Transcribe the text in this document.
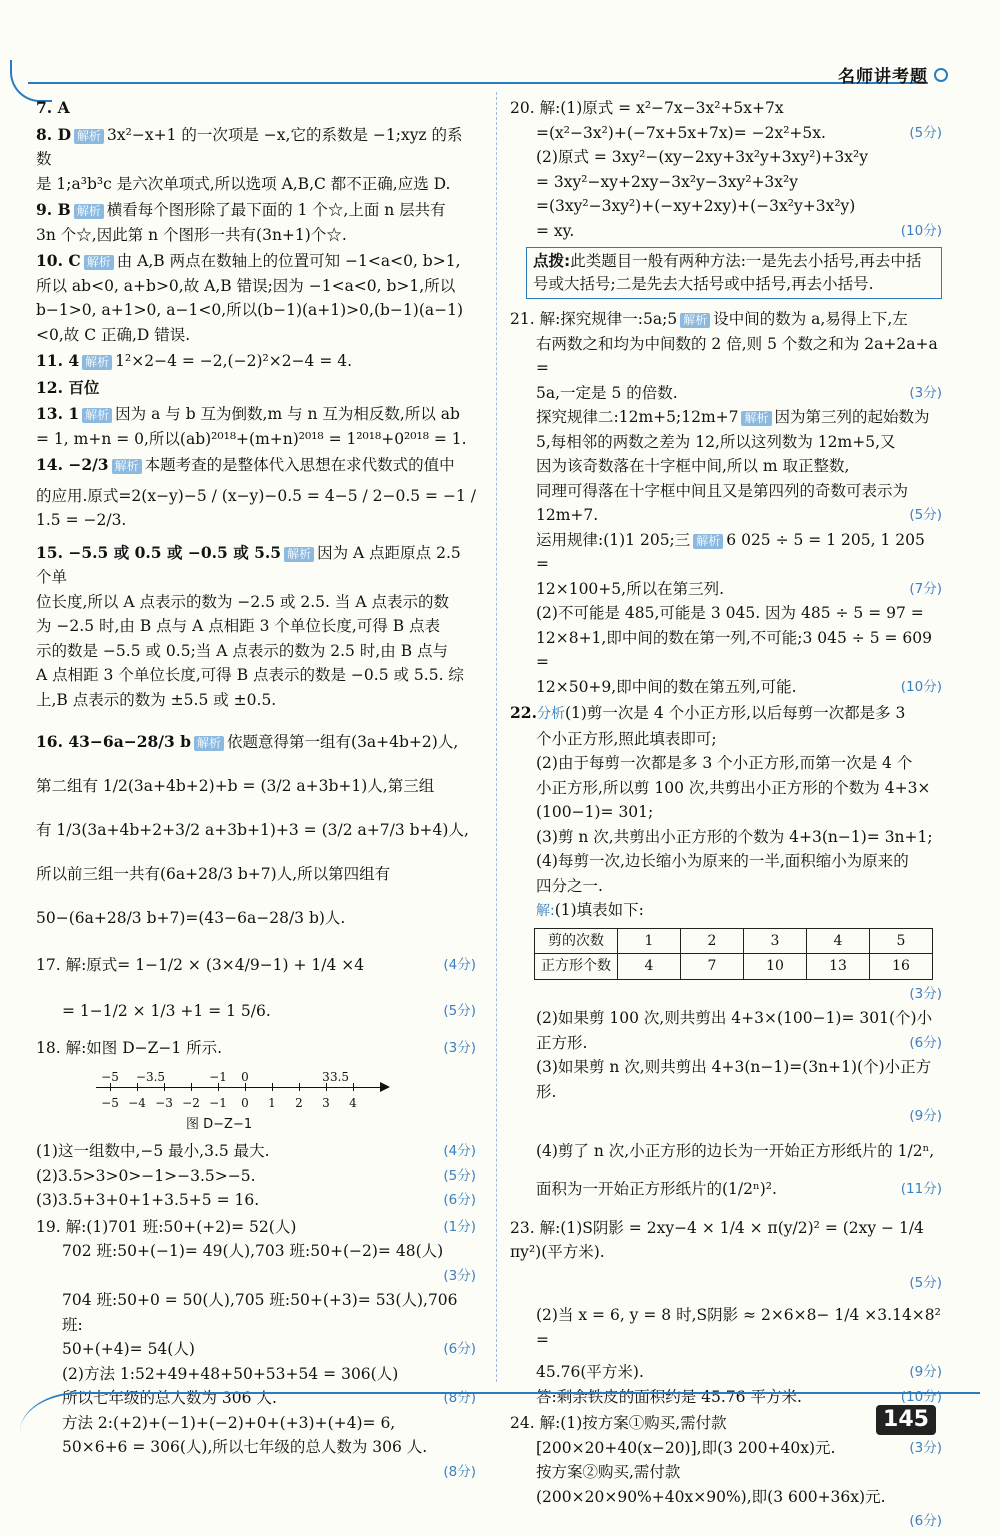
名师讲考题
7. A
8. D 解析 3x²−x+1 的一次项是 −x,它的系数是 −1;xyz 的系数
是 1;a³b³c 是六次单项式,所以选项 A,B,C 都不正确,应选 D.
9. B 解析 横看每个图形除了最下面的 1 个☆,上面 n 层共有
3n 个☆,因此第 n 个图形一共有(3n+1)个☆.
10. C 解析 由 A,B 两点在数轴上的位置可知 −1<a<0, b>1,
所以 ab<0, a+b>0,故 A,B 错误;因为 −1<a<0, b>1,所以
b−1>0, a+1>0, a−1<0,所以(b−1)(a+1)>0,(b−1)(a−1)
<0,故 C 正确,D 错误.
11. 4 解析 1²×2−4 = −2,(−2)²×2−4 = 4.
12. 百位
13. 1 解析 因为 a 与 b 互为倒数,m 与 n 互为相反数,所以 ab
= 1, m+n = 0,所以(ab)²⁰¹⁸+(m+n)²⁰¹⁸ = 1²⁰¹⁸+0²⁰¹⁸ = 1.
14. −2/3 解析 本题考查的是整体代入思想在求代数式的值中
的应用.原式=2(x−y)−5 / (x−y)−0.5 = 4−5 / 2−0.5 = −1 / 1.5 = −2/3.
15. −5.5 或 0.5 或 −0.5 或 5.5 解析 因为 A 点距原点 2.5 个单
位长度,所以 A 点表示的数为 −2.5 或 2.5. 当 A 点表示的数
为 −2.5 时,由 B 点与 A 点相距 3 个单位长度,可得 B 点表
示的数是 −5.5 或 0.5;当 A 点表示的数为 2.5 时,由 B 点与
A 点相距 3 个单位长度,可得 B 点表示的数是 −0.5 或 5.5. 综
上,B 点表示的数为 ±5.5 或 ±0.5.
16. 43−6a−28/3 b 解析 依题意得第一组有(3a+4b+2)人,
第二组有 1/2(3a+4b+2)+b = (3/2 a+3b+1)人,第三组
有 1/3(3a+4b+2+3/2 a+3b+1)+3 = (3/2 a+7/3 b+4)人,
所以前三组一共有(6a+28/3 b+7)人,所以第四组有
50−(6a+28/3 b+7)=(43−6a−28/3 b)人.
(4分)
17. 解:原式= 1−1/2 × (3×4/9−1) + 1/4 ×4
(5分)
= 1−1/2 × 1/3 +1 = 1 5/6.
(3分)
18. 解:如图 D−Z−1 所示.
−5 −4 −3 −2 −1	0	1	2	3	4
−5	−3.5	−1	0	3 3.5
图 D−Z−1
(4分)
(1)这一组数中,−5 最小,3.5 最大.
(5分)
(2)3.5>3>0>−1>−3.5>−5.
(6分)
(3)3.5+3+0+1+3.5+5 = 16.
(1分)
19. 解:(1)701 班:50+(+2)= 52(人)
702 班:50+(−1)= 49(人),703 班:50+(−2)= 48(人)
(3分)

704 班:50+0 = 50(人),705 班:50+(+3)= 53(人),706 班:
(6分)
50+(+4)= 54(人)
(2)方法 1:52+49+48+50+53+54 = 306(人)
(8分)
所以七年级的总人数为 306 人.
方法 2:(+2)+(−1)+(−2)+0+(+3)+(+4)= 6,
50×6+6 = 306(人),所以七年级的总人数为 306 人.
(8分)

20. 解:(1)原式 = x²−7x−3x²+5x+7x
(5分)
=(x²−3x²)+(−7x+5x+7x)= −2x²+5x.
(2)原式 = 3xy²−(xy−2xy+3x²y+3xy²)+3x²y
= 3xy²−xy+2xy−3x²y−3xy²+3x²y
=(3xy²−3xy²)+(−xy+2xy)+(−3x²y+3x²y)
(10分)
= xy.
点拨:此类题目一般有两种方法:一是先去小括号,再去中括号或大括号;二是先去大括号或中括号,再去小括号.
21. 解:探究规律一:5a;5 解析 设中间的数为 a,易得上下,左
右两数之和均为中间数的 2 倍,则 5 个数之和为 2a+2a+a =
(3分)
5a,一定是 5 的倍数.
探究规律二:12m+5;12m+7 解析 因为第三列的起始数为
5,每相邻的两数之差为 12,所以这列数为 12m+5,又
因为该奇数落在十字框中间,所以 m 取正整数,
同理可得落在十字框中间且又是第四列的奇数可表示为
(5分)
12m+7.
运用规律:(1)1 205;三 解析 6 025 ÷ 5 = 1 205, 1 205 =
(7分)
12×100+5,所以在第三列.
(2)不可能是 485,可能是 3 045. 因为 485 ÷ 5 = 97 =
12×8+1,即中间的数在第一列,不可能;3 045 ÷ 5 = 609 =
(10分)
12×50+9,即中间的数在第五列,可能.
22.分析(1)剪一次是 4 个小正方形,以后每剪一次都是多 3
个小正方形,照此填表即可;
(2)由于每剪一次都是多 3 个小正方形,而第一次是 4 个
小正方形,所以剪 100 次,共剪出小正方形的个数为 4+3×
(100−1)= 301;
(3)剪 n 次,共剪出小正方形的个数为 4+3(n−1)= 3n+1;
(4)每剪一次,边长缩小为原来的一半,面积缩小为原来的
四分之一.
解:(1)填表如下:
剪的次数	1	2	3	4	5
正方形个数	4	7	10	13	16
(3分)

(2)如果剪 100 次,则共剪出 4+3×(100−1)= 301(个)小
(6分)
正方形.
(3)如果剪 n 次,则共剪出 4+3(n−1)=(3n+1)(个)小正方形.
(9分)

(4)剪了 n 次,小正方形的边长为一开始正方形纸片的 1/2ⁿ,
(11分)
面积为一开始正方形纸片的(1/2ⁿ)².
23. 解:(1)S阴影 = 2xy−4 × 1/4 × π(y/2)² = (2xy − 1/4 πy²)(平方米).
(5分)

(2)当 x = 6, y = 8 时,S阴影 ≈ 2×6×8− 1/4 ×3.14×8² =
(9分)
45.76(平方米).
(10分)
答:剩余铁皮的面积约是 45.76 平方米.
24. 解:(1)按方案①购买,需付款
(3分)
[200×20+40(x−20)],即(3 200+40x)元.
按方案②购买,需付款
(200×20×90%+40x×90%),即(3 600+36x)元.
(6分)

145
